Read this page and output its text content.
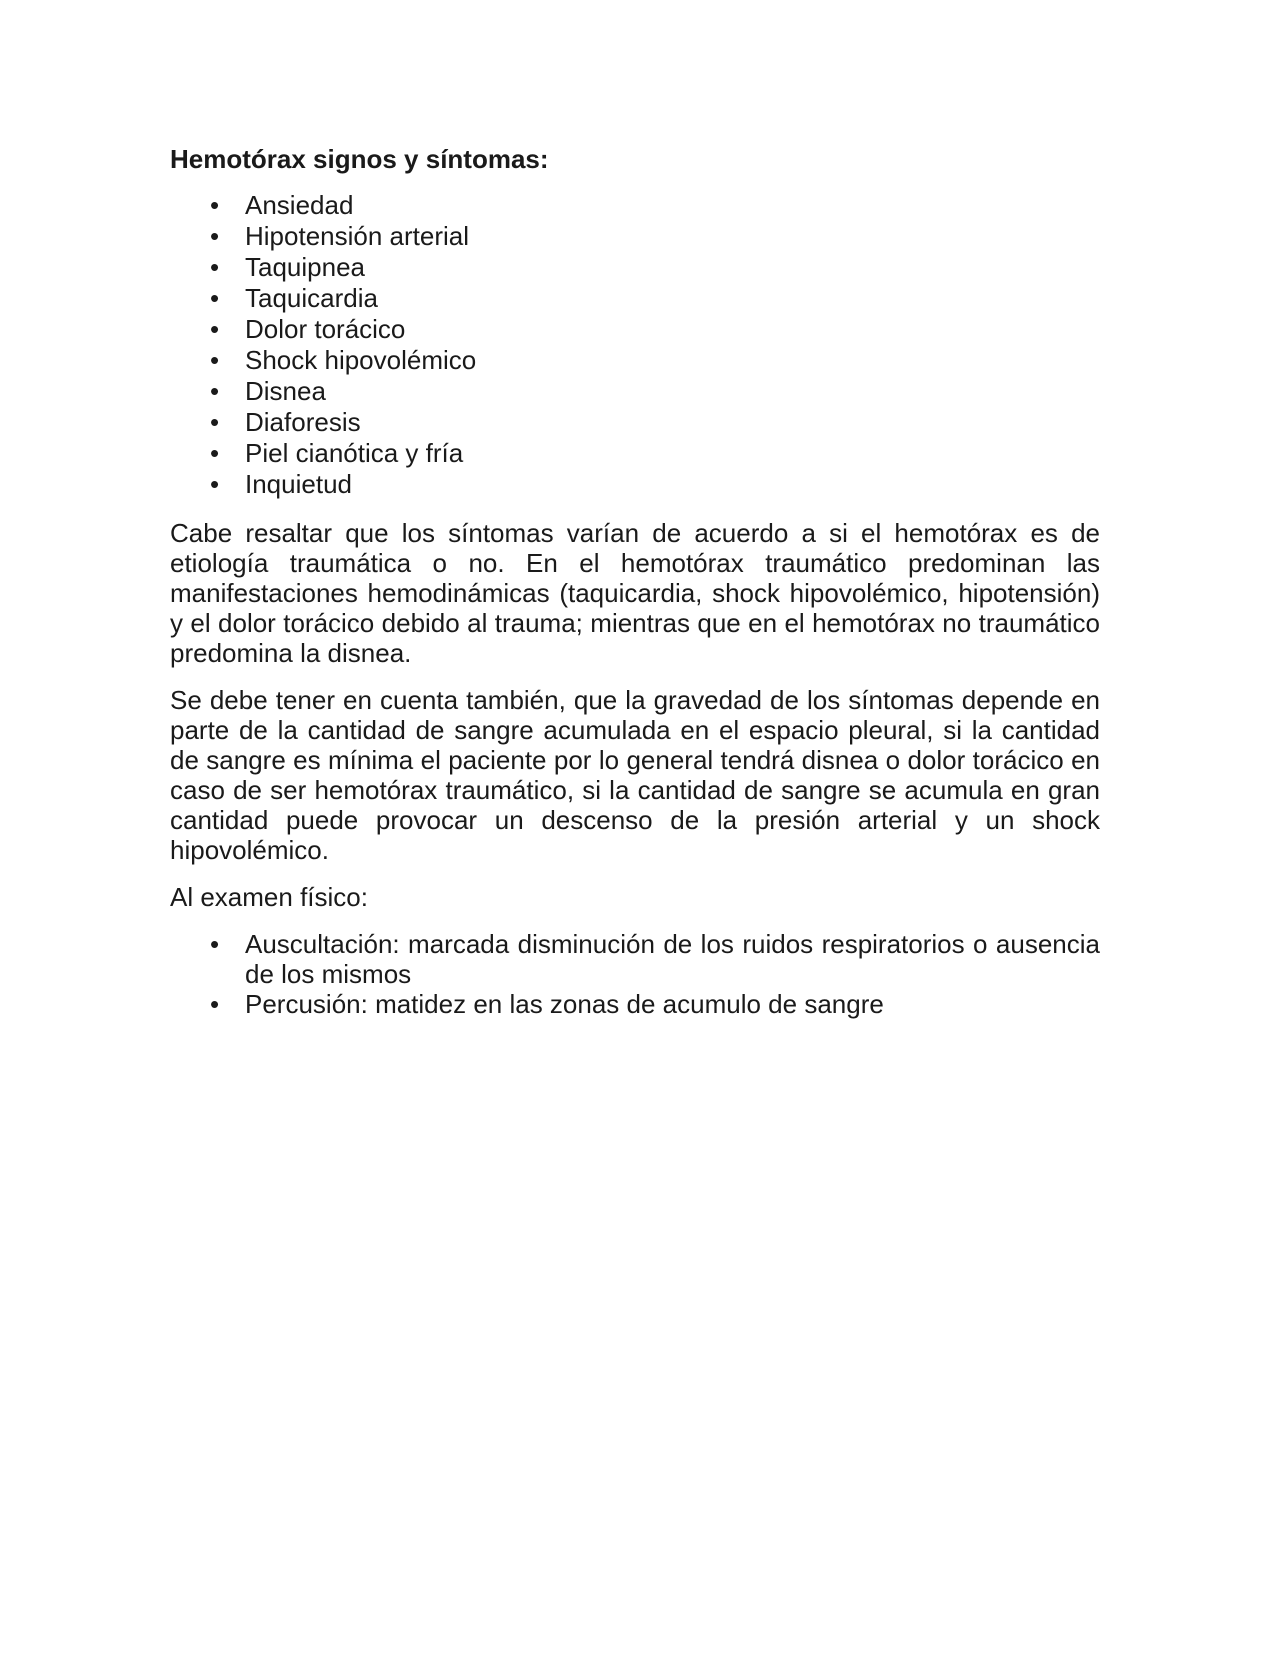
Hemotórax signos y síntomas:
• Ansiedad
• Hipotensión arterial
• Taquipnea
• Taquicardia
• Dolor torácico
• Shock hipovolémico
• Disnea
• Diaforesis
• Piel cianótica y fría
• Inquietud

Cabe resaltar que los síntomas varían de acuerdo a si el hemotórax es de etiología traumática o no. En el hemotórax traumático predominan las manifestaciones hemodinámicas (taquicardia, shock hipovolémico, hipotensión) y el dolor torácico debido al trauma; mientras que en el hemotórax no traumático predomina la disnea.

Se debe tener en cuenta también, que la gravedad de los síntomas depende en parte de la cantidad de sangre acumulada en el espacio pleural, si la cantidad de sangre es mínima el paciente por lo general tendrá disnea o dolor torácico en caso de ser hemotórax traumático, si la cantidad de sangre se acumula en gran cantidad puede provocar un descenso de la presión arterial y un shock hipovolémico.

Al examen físico:

• Auscultación: marcada disminución de los ruidos respiratorios o ausencia de los mismos
• Percusión: matidez en las zonas de acumulo de sangre
